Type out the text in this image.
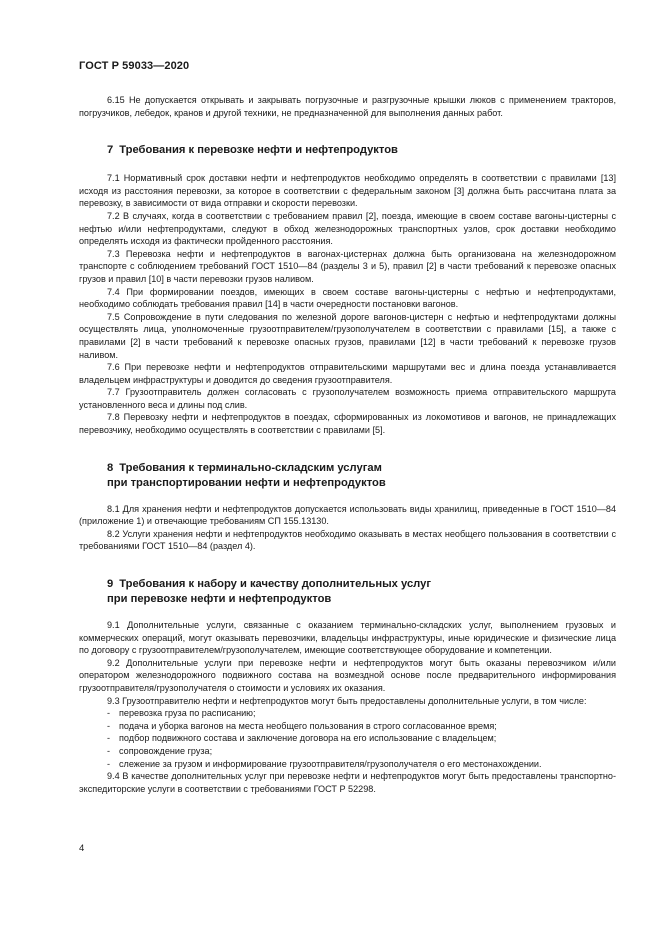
ГОСТ Р 59033—2020

6.15 Не допускается открывать и закрывать погрузочные и разгрузочные крышки люков с применением тракторов, погрузчиков, лебедок, кранов и другой техники, не предназначенной для выполнения данных работ.

7 Требования к перевозке нефти и нефтепродуктов

7.1 Нормативный срок доставки нефти и нефтепродуктов необходимо определять в соответствии с правилами [13] исходя из расстояния перевозки, за которое в соответствии с федеральным законом [3] должна быть рассчитана плата за перевозку, в зависимости от вида отправки и скорости перевозки.

7.2 В случаях, когда в соответствии с требованием правил [2], поезда, имеющие в своем составе вагоны-цистерны с нефтью и/или нефтепродуктами, следуют в обход железнодорожных транспортных узлов, срок доставки необходимо определять исходя из фактически пройденного расстояния.

7.3 Перевозка нефти и нефтепродуктов в вагонах-цистернах должна быть организована на железнодорожном транспорте с соблюдением требований ГОСТ 1510—84 (разделы 3 и 5), правил [2] в части требований к перевозке опасных грузов и правил [10] в части перевозки грузов наливом.

7.4 При формировании поездов, имеющих в своем составе вагоны-цистерны с нефтью и нефтепродуктами, необходимо соблюдать требования правил [14] в части очередности постановки вагонов.

7.5 Сопровождение в пути следования по железной дороге вагонов-цистерн с нефтью и нефтепродуктами должны осуществлять лица, уполномоченные грузоотправителем/грузополучателем в соответствии с правилами [15], а также с правилами [2] в части требований к перевозке опасных грузов, правилами [12] в части требований к перевозке грузов наливом.

7.6 При перевозке нефти и нефтепродуктов отправительскими маршрутами вес и длина поезда устанавливается владельцем инфраструктуры и доводится до сведения грузоотправителя.

7.7 Грузоотправитель должен согласовать с грузополучателем возможность приема отправительского маршрута установленного веса и длины под слив.

7.8 Перевозку нефти и нефтепродуктов в поездах, сформированных из локомотивов и вагонов, не принадлежащих перевозчику, необходимо осуществлять в соответствии с правилами [5].

8 Требования к терминально-складским услугам

при транспортировании нефти и нефтепродуктов

8.1 Для хранения нефти и нефтепродуктов допускается использовать виды хранилищ, приведенные в ГОСТ 1510—84 (приложение 1) и отвечающие требованиям СП 155.13130.

8.2 Услуги хранения нефти и нефтепродуктов необходимо оказывать в местах необщего пользования в соответствии с требованиями ГОСТ 1510—84 (раздел 4).

9 Требования к набору и качеству дополнительных услуг

при перевозке нефти и нефтепродуктов

9.1 Дополнительные услуги, связанные с оказанием терминально-складских услуг, выполнением грузовых и коммерческих операций, могут оказывать перевозчики, владельцы инфраструктуры, иные юридические и физические лица по договору с грузоотправителем/грузополучателем, имеющие соответствующее оборудование и компетенции.

9.2 Дополнительные услуги при перевозке нефти и нефтепродуктов могут быть оказаны перевозчиком и/или оператором железнодорожного подвижного состава на возмездной основе после предварительного информирования грузоотправителя/грузополучателя о стоимости и условиях их оказания.

9.3 Грузоотправителю нефти и нефтепродуктов могут быть предоставлены дополнительные услуги, в том числе:

- перевозка груза по расписанию;

- подача и уборка вагонов на места необщего пользования в строго согласованное время;

- подбор подвижного состава и заключение договора на его использование с владельцем;

- сопровождение груза;

- слежение за грузом и информирование грузоотправителя/грузополучателя о его местонахождении.

9.4 В качестве дополнительных услуг при перевозке нефти и нефтепродуктов могут быть предоставлены транспортно-экспедиторские услуги в соответствии с требованиями ГОСТ Р 52298.

4
